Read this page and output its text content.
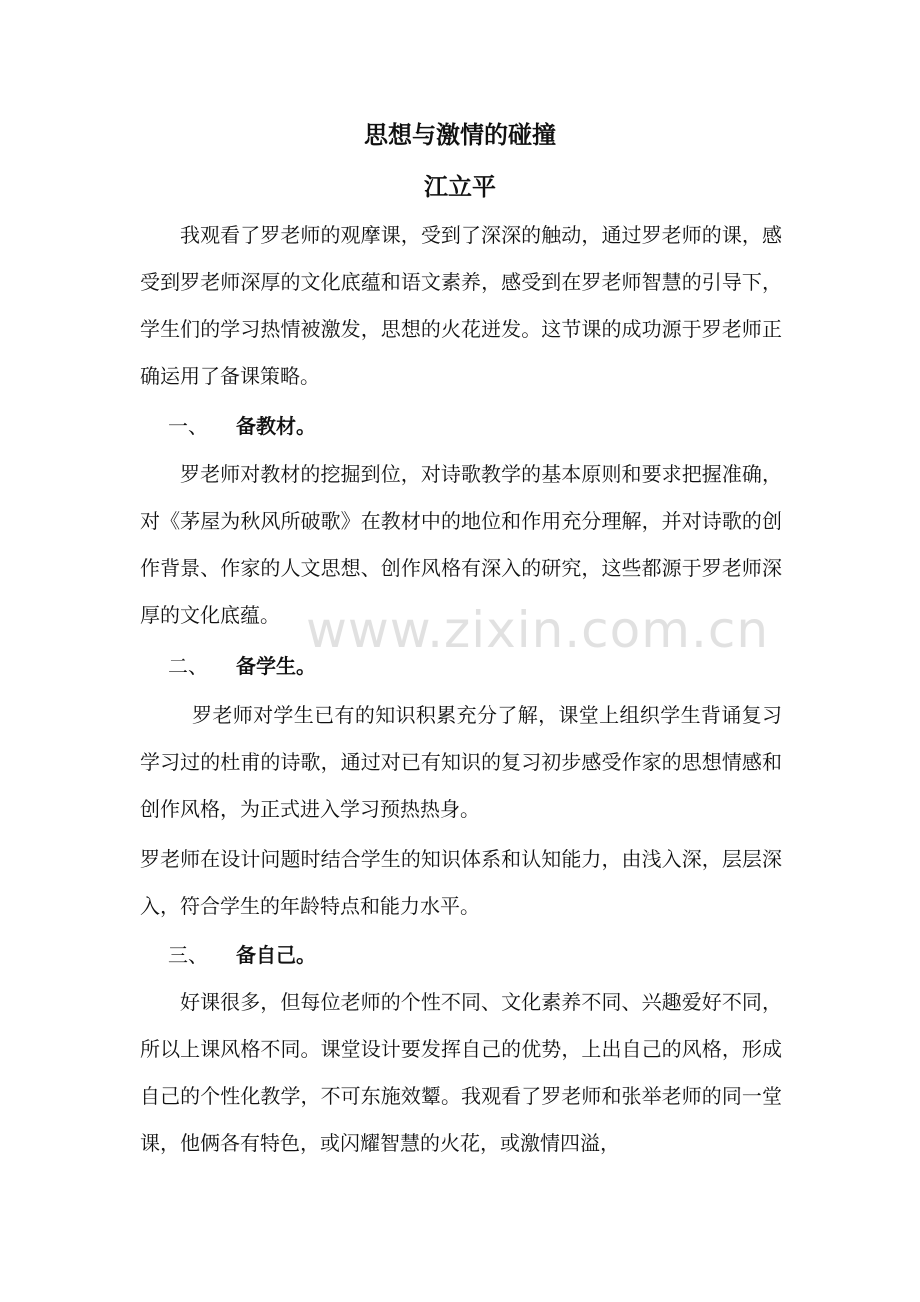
思想与激情的碰撞
江立平

我观看了罗老师的观摩课，受到了深深的触动，通过罗老师的课，感受到罗老师深厚的文化底蕴和语文素养，感受到在罗老师智慧的引导下，学生们的学习热情被激发，思想的火花迸发。这节课的成功源于罗老师正确运用了备课策略。

一、 备教材。

罗老师对教材的挖掘到位，对诗歌教学的基本原则和要求把握准确，对《茅屋为秋风所破歌》在教材中的地位和作用充分理解，并对诗歌的创作背景、作家的人文思想、创作风格有深入的研究，这些都源于罗老师深厚的文化底蕴。

二、 备学生。

罗老师对学生已有的知识积累充分了解，课堂上组织学生背诵复习学习过的杜甫的诗歌，通过对已有知识的复习初步感受作家的思想情感和创作风格，为正式进入学习预热热身。

罗老师在设计问题时结合学生的知识体系和认知能力，由浅入深，层层深入，符合学生的年龄特点和能力水平。

三、 备自己。

好课很多，但每位老师的个性不同、文化素养不同、兴趣爱好不同，所以上课风格不同。课堂设计要发挥自己的优势，上出自己的风格，形成自己的个性化教学，不可东施效颦。我观看了罗老师和张举老师的同一堂课，他俩各有特色，或闪耀智慧的火花，或激情四溢，

www.zixin.com.cn
